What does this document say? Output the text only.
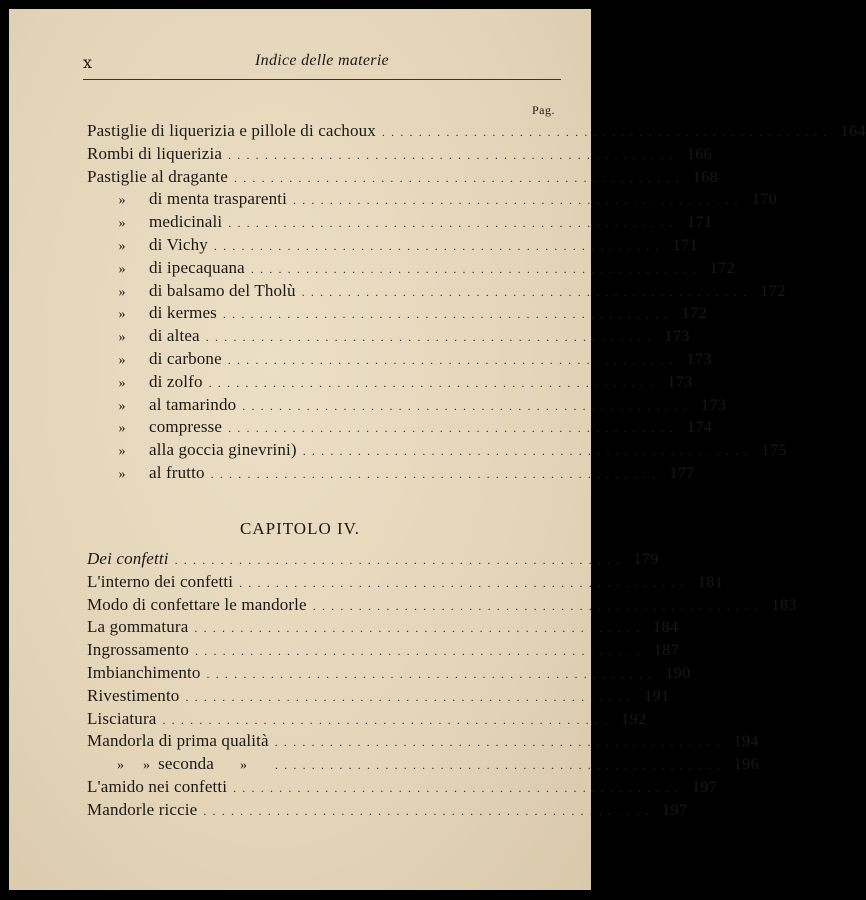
x	Indice delle materie
Pag.
Pastiglie di liquerizia e pillole di cachoux . . . . . . . . . . . . . . . . . . . . . . . . . . . . . . . . . . . . . . . . . . . . . . . . . 164
Rombi di liquerizia . . . . . . . . . . . . . . . . . . . . . . . . . . . . . . . . . . . . . . . . . . . . . . . . . 166
Pastiglie al dragante . . . . . . . . . . . . . . . . . . . . . . . . . . . . . . . . . . . . . . . . . . . . . . . . . 168
»	di menta trasparenti . . . . . . . . . . . . . . . . . . . . . . . . . . . . . . . . . . . . . . . . . . . . . . . . . 170
»	medicinali . . . . . . . . . . . . . . . . . . . . . . . . . . . . . . . . . . . . . . . . . . . . . . . . . 171
»	di Vichy . . . . . . . . . . . . . . . . . . . . . . . . . . . . . . . . . . . . . . . . . . . . . . . . . 171
»	di ipecaquana . . . . . . . . . . . . . . . . . . . . . . . . . . . . . . . . . . . . . . . . . . . . . . . . . 172
»	di balsamo del Tholù . . . . . . . . . . . . . . . . . . . . . . . . . . . . . . . . . . . . . . . . . . . . . . . . . 172
»	di kermes . . . . . . . . . . . . . . . . . . . . . . . . . . . . . . . . . . . . . . . . . . . . . . . . . 172
»	di altea . . . . . . . . . . . . . . . . . . . . . . . . . . . . . . . . . . . . . . . . . . . . . . . . . 173
»	di carbone . . . . . . . . . . . . . . . . . . . . . . . . . . . . . . . . . . . . . . . . . . . . . . . . . 173
»	di zolfo . . . . . . . . . . . . . . . . . . . . . . . . . . . . . . . . . . . . . . . . . . . . . . . . . 173
»	al tamarindo . . . . . . . . . . . . . . . . . . . . . . . . . . . . . . . . . . . . . . . . . . . . . . . . . 173
»	compresse . . . . . . . . . . . . . . . . . . . . . . . . . . . . . . . . . . . . . . . . . . . . . . . . . 174
»	alla goccia ginevrini) . . . . . . . . . . . . . . . . . . . . . . . . . . . . . . . . . . . . . . . . . . . . . . . . . 175
»	al frutto . . . . . . . . . . . . . . . . . . . . . . . . . . . . . . . . . . . . . . . . . . . . . . . . . 177
CAPITOLO IV.
Dei confetti . . . . . . . . . . . . . . . . . . . . . . . . . . . . . . . . . . . . . . . . . . . . . . . . . 179
L'interno dei confetti . . . . . . . . . . . . . . . . . . . . . . . . . . . . . . . . . . . . . . . . . . . . . . . . . 181
Modo di confettare le mandorle . . . . . . . . . . . . . . . . . . . . . . . . . . . . . . . . . . . . . . . . . . . . . . . . . 183
La gommatura . . . . . . . . . . . . . . . . . . . . . . . . . . . . . . . . . . . . . . . . . . . . . . . . . 184
Ingrossamento . . . . . . . . . . . . . . . . . . . . . . . . . . . . . . . . . . . . . . . . . . . . . . . . . 187
Imbianchimento . . . . . . . . . . . . . . . . . . . . . . . . . . . . . . . . . . . . . . . . . . . . . . . . . 190
Rivestimento . . . . . . . . . . . . . . . . . . . . . . . . . . . . . . . . . . . . . . . . . . . . . . . . . 191
Lisciatura . . . . . . . . . . . . . . . . . . . . . . . . . . . . . . . . . . . . . . . . . . . . . . . . . 192
Mandorla di prima qualità . . . . . . . . . . . . . . . . . . . . . . . . . . . . . . . . . . . . . . . . . . . . . . . . . 194
»	» seconda	»	. . . . . . . . . . . . . . . . . . . . . . . . . . . . . . . . . . . . . . . . . . . . . . . . . 196
L'amido nei confetti . . . . . . . . . . . . . . . . . . . . . . . . . . . . . . . . . . . . . . . . . . . . . . . . . 197
Mandorle riccie . . . . . . . . . . . . . . . . . . . . . . . . . . . . . . . . . . . . . . . . . . . . . . . . . 197
